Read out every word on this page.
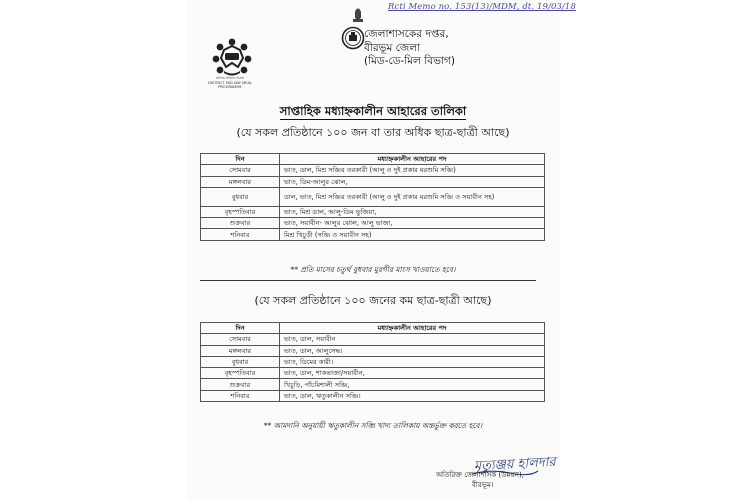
Rcti Memo no. 153(13)/MDM, dt. 19/03/18
মধ্যাহ্ন আহার প্রকল্প
DISTRICT MID DAY MEAL PROGRAMME
জেলাশাসকের দপ্তর,
বীরভূম জেলা
(মিড-ডে-মিল বিভাগ)
সাপ্তাহিক মধ্যাহ্নকালীন আহারের তালিকা
(যে সকল প্রতিষ্ঠানে ১০০ জন বা তার অধিক ছাত্র-ছাত্রী আছে)
দিন	মধ্যাহ্নকালীন আহারের পদ
সোমবার	ভাত, ডাল, মিশ্র সব্জির তরকারী (আলু ও দুই প্রকার মরশুমি সব্জি)
মঙ্গলবার	ভাত, ডিম-আলুর ঝোল,
বুধবার	ডাল, ভাত, মিশ্র সব্জির তরকারী (আলু ও দুই প্রকার মরশুমি সব্জি ও সয়াবীন সহ)
বৃহস্পতিবার	ভাত, মিশ্র ডাল, আলু-ডিম ভুজিয়া,
শুক্রবার	ভাত, সয়াবীন- আলুর ঝোল, আলু ভাজা,
শনিবার	মিশ্র খিচুড়ী (সব্জি ও সয়াবীন সহ)
** প্রতি মাসের চতুর্থ বুধবার মুরগীর মাংস খাওয়াতে হবে।
(যে সকল প্রতিষ্ঠানে ১০০ জনের কম ছাত্র-ছাত্রী আছে)
দিন	মধ্যাহ্নকালীন আহারের পদ
সোমবার	ভাত, ডাল, সয়াবীন
মঙ্গলবার	ভাত, ডাল, আলুসেদ্ধ।
বুধবার	ভাত, ডিমের কারী।
বৃহস্পতিবার	ভাত, ডাল, শাকভাজা/সয়াবীন,
শুক্রবার	খিচুড়ি, পাঁচমিশালী সব্জি,
শনিবার	ভাত, ডাল, ঋতুকালীন সব্জি।
** আমদানি অনুযায়ী ঋতুকালীন সব্জি খাদ্য তালিকায় অন্তর্ভুক্ত করতে হবে।
মৃত্যুঞ্জয় হালদার
অতিরিক্ত জেলাশাসক (উন্নয়ন),
বীরভূম।
